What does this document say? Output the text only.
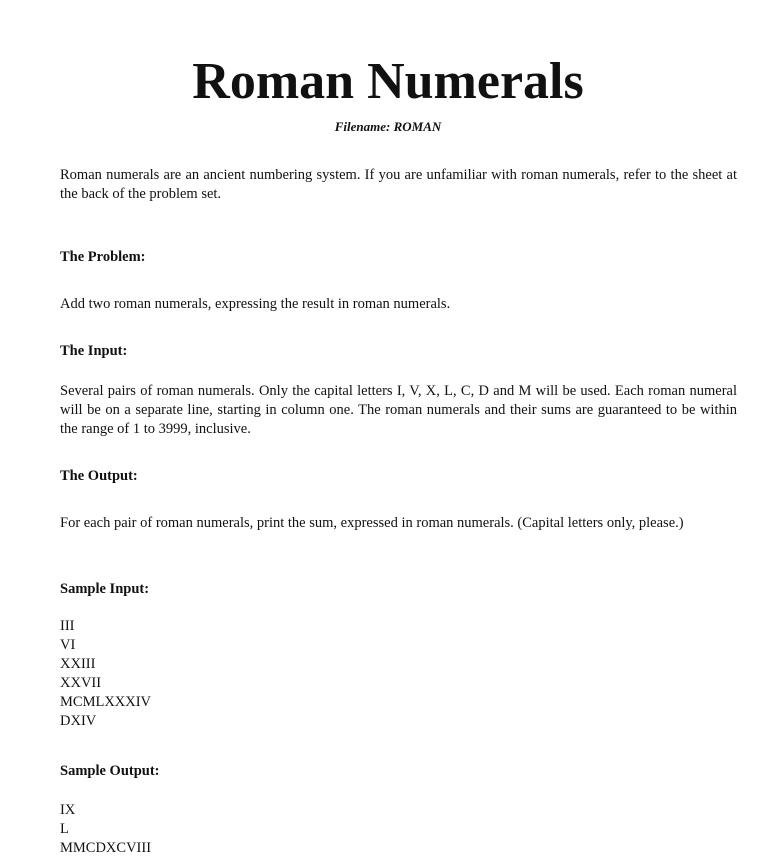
Roman Numerals
Filename: ROMAN
Roman numerals are an ancient numbering system. If you are unfamiliar with roman numerals, refer to the sheet at the back of the problem set.
The Problem:
Add two roman numerals, expressing the result in roman numerals.
The Input:
Several pairs of roman numerals. Only the capital letters I, V, X, L, C, D and M will be used. Each roman numeral will be on a separate line, starting in column one. The roman numerals and their sums are guaranteed to be within the range of 1 to 3999, inclusive.
The Output:
For each pair of roman numerals, print the sum, expressed in roman numerals. (Capital letters only, please.)
Sample Input:
III
VI
XXIII
XXVII
MCMLXXXIV
DXIV
Sample Output:
IX
L
MMCDXCVIII
